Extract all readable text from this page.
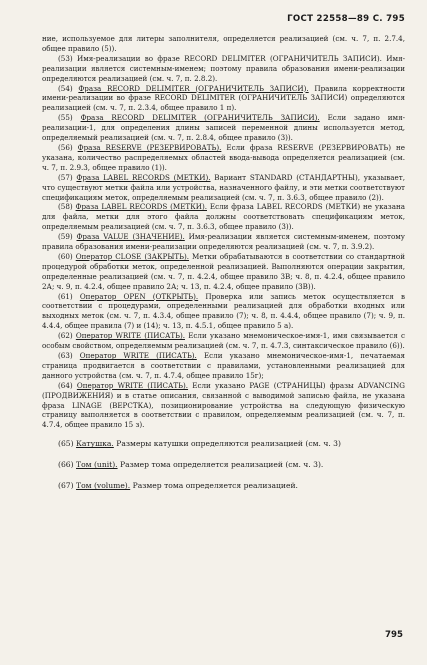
ГОСТ 22558—89 С. 795

ние, используемое для литеры заполнителя, определяется реализацией (см. ч. 7, п. 2.7.4, общее правило (5)).

(53) Имя-реализации во фразе RECORD DELIMITER (ОГРАНИЧИТЕЛЬ ЗАПИСИ). Имя-реализации является системным-именем; поэтому правила образования имени-реализации определяются реализацией (см. ч. 7, п. 2.8.2).

(54) Фраза RECORD DELIMITER (ОГРАНИЧИТЕЛЬ ЗАПИСИ). Правила корректности имени-реализации во фразе RECORD DELIMITER (ОГРАНИЧИТЕЛЬ ЗАПИСИ) определяются реализацией (см. ч. 7, п. 2.3.4, общее правило 1 п).

(55) Фраза RECORD DELIMITER (ОГРАНИЧИТЕЛЬ ЗАПИСИ). Если задано имя-реализации-1, для определения длины записей переменной длины используется метод, определяемый реализацией (см. ч. 7, п. 2.8.4, общее правило (3)).

(56) Фраза RESERVE (РЕЗЕРВИРОВАТЬ). Если фраза RESERVE (РЕЗЕРВИРОВАТЬ) не указана, количество распределяемых областей ввода-вывода определяется реализацией (см. ч. 7, п. 2.9.3, общее правило (1)).

(57) Фраза LABEL RECORDS (МЕТКИ). Вариант STANDARD (СТАНДАРТНЫ), указывает, что существуют метки файла или устройства, назначенного файлу, и эти метки соответствуют спецификациям меток, определяемым реализацией (см. ч. 7, п. 3.6.3, общее правило (2)).

(58) Фраза LABEL RECORDS (МЕТКИ). Если фраза LABEL RECORDS (МЕТКИ) не указана для файла, метки для этого файла должны соответствовать спецификациям меток, определяемым реализацией (см. ч. 7, п. 3.6.3, общее правило (3)).

(59) Фраза VALUE (ЗНАЧЕНИЕ). Имя-реализации является системным-именем, поэтому правила образования имени-реализации определяются реализацией (см. ч. 7, п. 3.9.2).

(60) Оператор CLOSE (ЗАКРЫТЬ). Метки обрабатываются в соответствии со стандартной процедурой обработки меток, определенной реализацией. Выполняются операции закрытия, определенные реализацией (см. ч. 7, п. 4.2.4, общее правило 3В; ч. 8, п. 4.2.4, общее правило 2А; ч. 9, п. 4.2.4, общее правило 2А; ч. 13, п. 4.2.4, общее правило (3В)).

(61) Оператор OPEN (ОТКРЫТЬ). Проверка или запись меток осуществляется в соответствии с процедурами, определенными реализацией для обработки входных или выходных меток (см. ч. 7, п. 4.3.4, общее правило (7); ч. 8, п. 4.4.4, общее правило (7); ч. 9, п. 4.4.4, общее правила (7) и (14); ч. 13, п. 4.5.1, общее правило 5 а).

(62) Оператор WRITE (ПИСАТЬ). Если указано мнемоническое-имя-1, имя связывается с особым свойством, определяемым реализацией (см. ч. 7, п. 4.7.3, синтаксическое правило (6)).

(63) Оператор WRITE (ПИСАТЬ). Если указано мнемоническое-имя-1, печатаемая страница продвигается в соответствии с правилами, установленными реализацией для данного устройства (см. ч. 7, п. 4.7.4, общее правило 15г);

(64) Оператор WRITE (ПИСАТЬ). Если указано PAGE (СТРАНИЦЫ) фразы ADVANCING (ПРОДВИЖЕНИЯ) и в статье описания, связанной с выводимой записью файла, не указана фраза LINAGE (ВЕРСТКА), позиционирование устройства на следующую физическую страницу выполняется в соответствии с правилом, определяемым реализацией (см. ч. 7, п. 4.7.4, общее правило 15 з).

(65) Катушка. Размеры катушки определяются реализацией (см. ч. 3)

(66) Том (unit). Размер тома определяется реализацией (см. ч. 3).

(67) Том (volume). Размер тома определяется реализацией.

795
